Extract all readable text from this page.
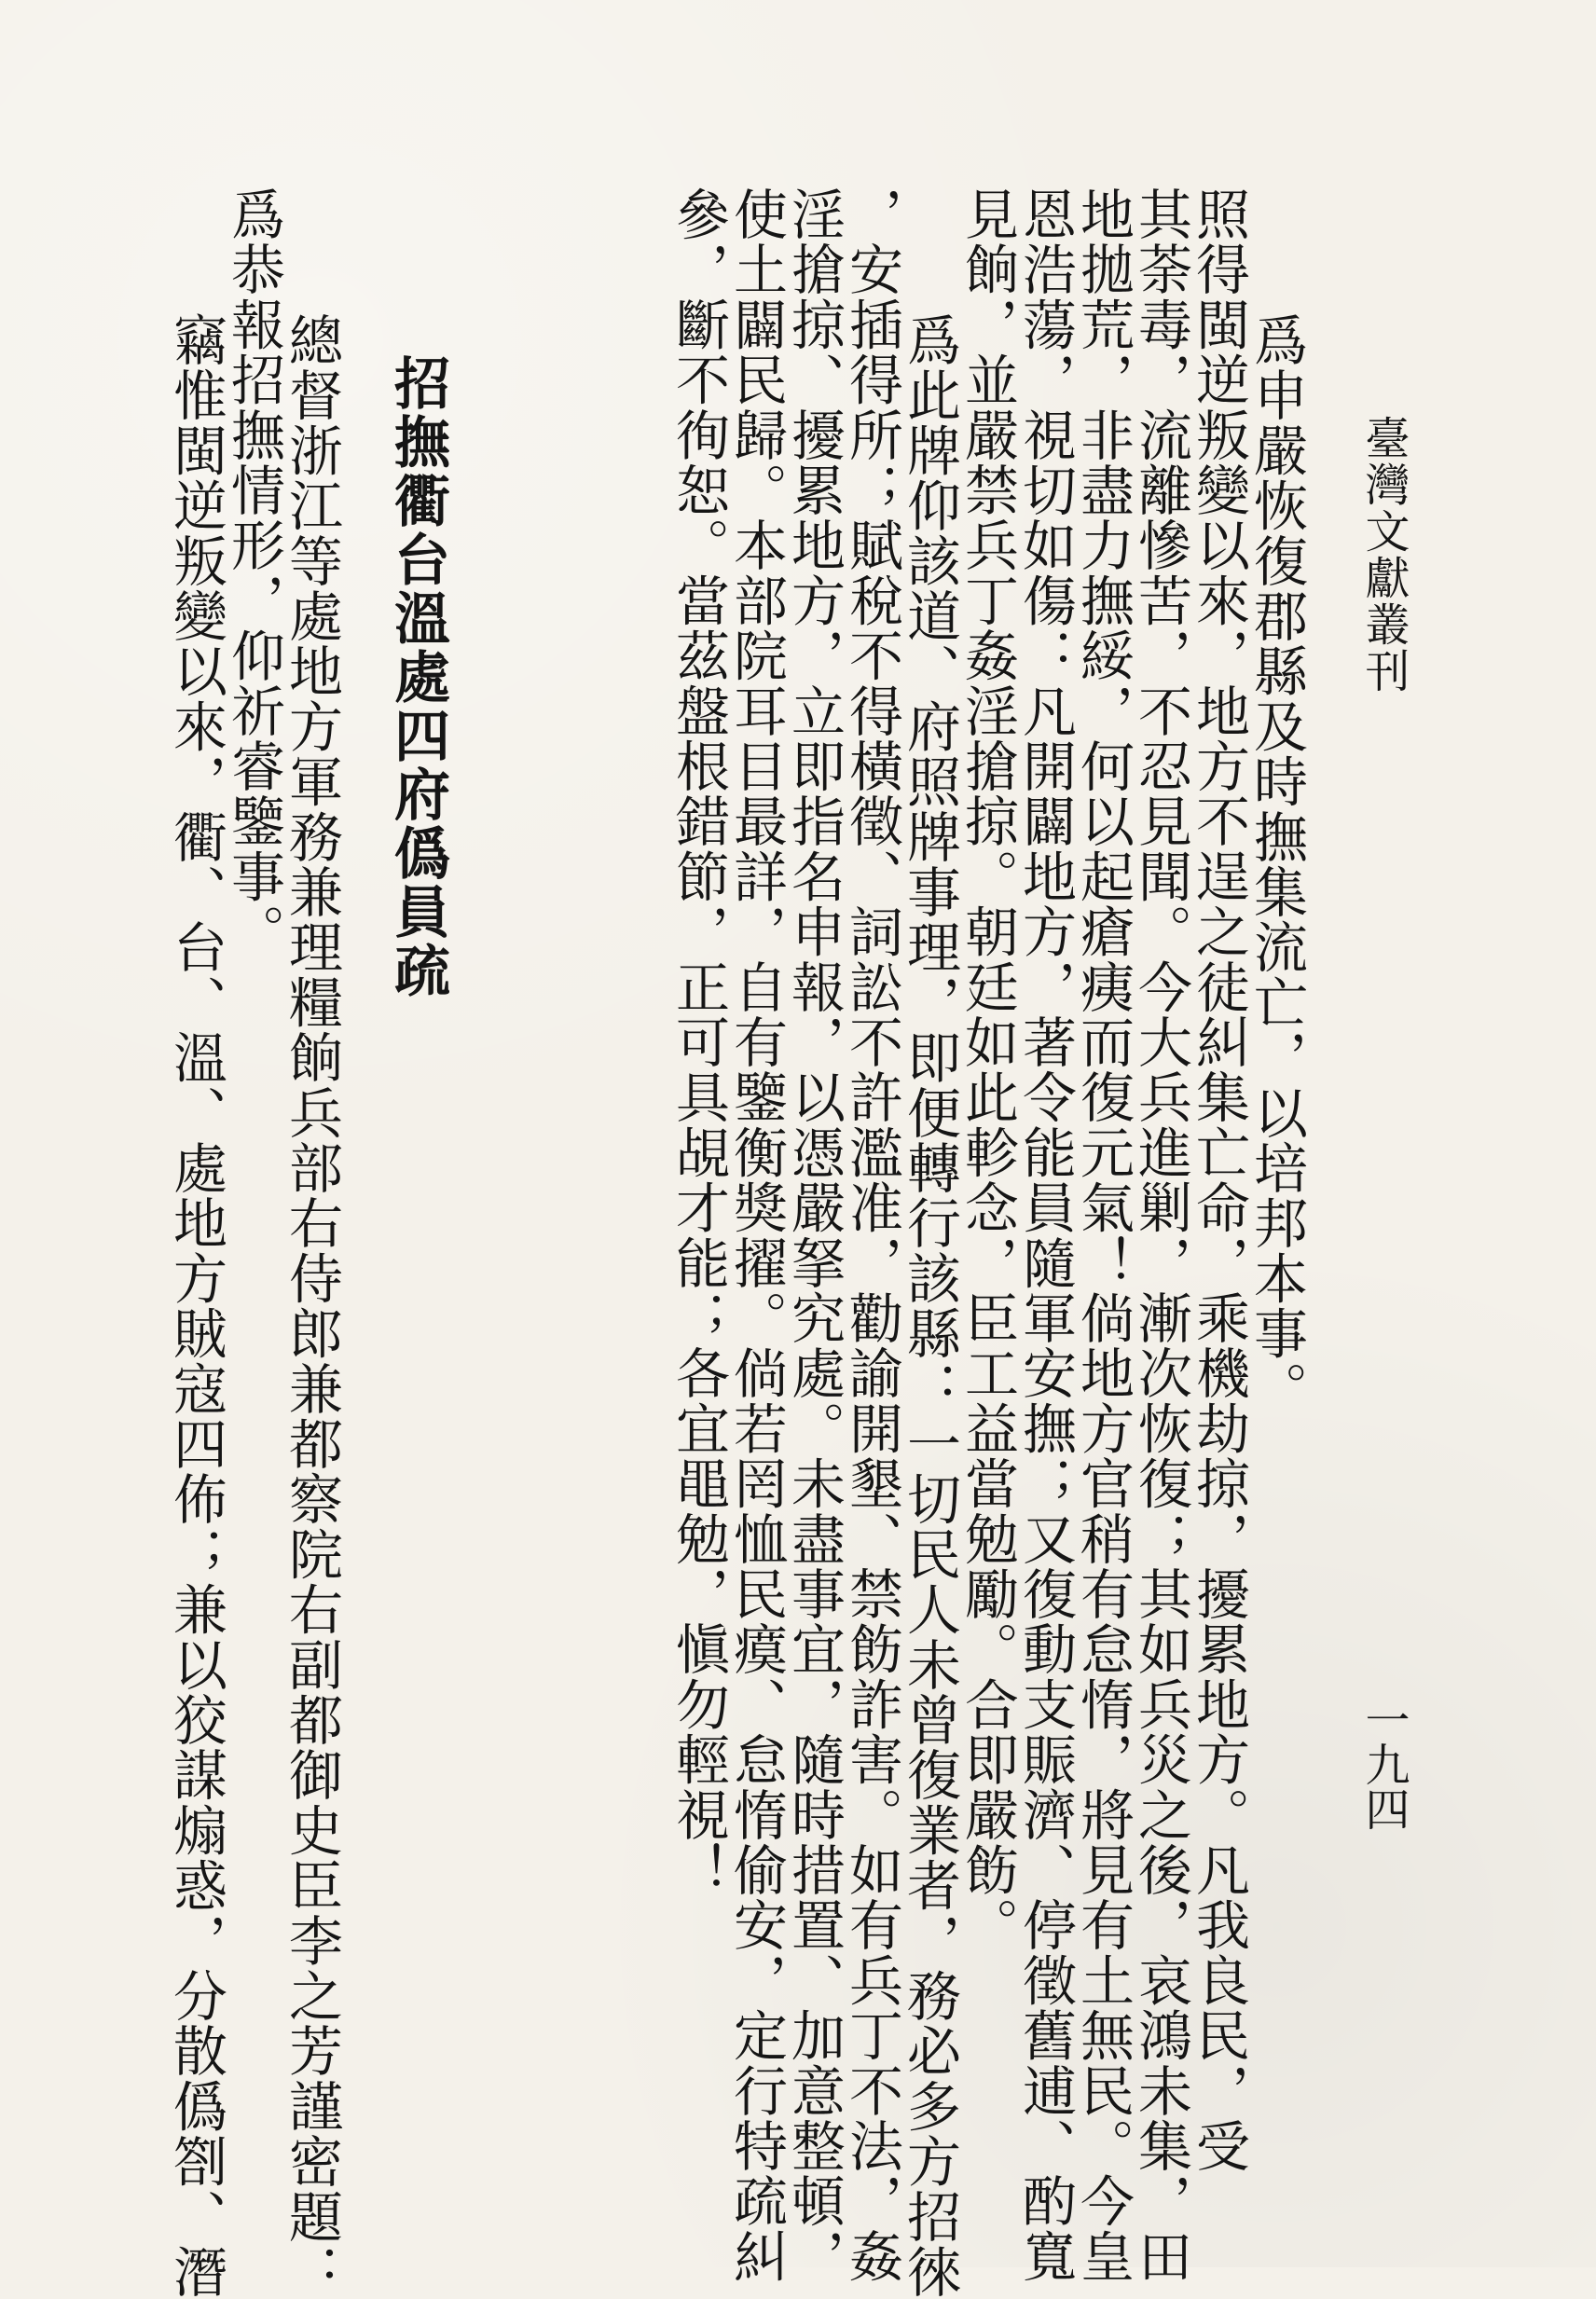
臺灣文獻叢刊
一九四
爲申嚴恢復郡縣及時撫集流亡，以培邦本事。
照得閩逆叛變以來，地方不逞之徒糾集亡命，乘機劫掠，擾累地方。凡我良民，受
其荼毒，流離慘苦，不忍見聞。今大兵進剿，漸次恢復；其如兵災之後，哀鴻未集，田
地拋荒，非盡力撫綏，何以起瘡痍而復元氣！倘地方官稍有怠惰，將見有土無民。今皇
恩浩蕩，視切如傷：凡開闢地方，著令能員隨軍安撫；又復動支賑濟、停徵舊逋、酌寬
見餉，並嚴禁兵丁姦淫搶掠。朝廷如此軫念，臣工益當勉勵。合即嚴飭。
爲此牌仰該道、府照牌事理，即便轉行該縣：一切民人未曾復業者，務必多方招徠
，安插得所；賦稅不得橫徵、詞訟不許濫准，勸諭開墾、禁飭詐害。如有兵丁不法，姦
淫搶掠、擾累地方，立即指名申報，以憑嚴拏究處。未盡事宜，隨時措置、加意整頓，
使土闢民歸。本部院耳目最詳，自有鑒衡獎擢。倘若罔恤民瘼、怠惰偷安，定行特疏糾
參，斷不徇恕。當茲盤根錯節，正可具覘才能；各宜黽勉，愼勿輕視！
招撫衢台溫處四府僞員疏
總督浙江等處地方軍務兼理糧餉兵部右侍郎兼都察院右副都御史臣李之芳謹密題：
爲恭報招撫情形，仰祈睿鑒事。
竊惟閩逆叛變以來，衢、台、溫、處地方賊寇四佈；兼以狡謀煽惑，分散僞劄、潛
